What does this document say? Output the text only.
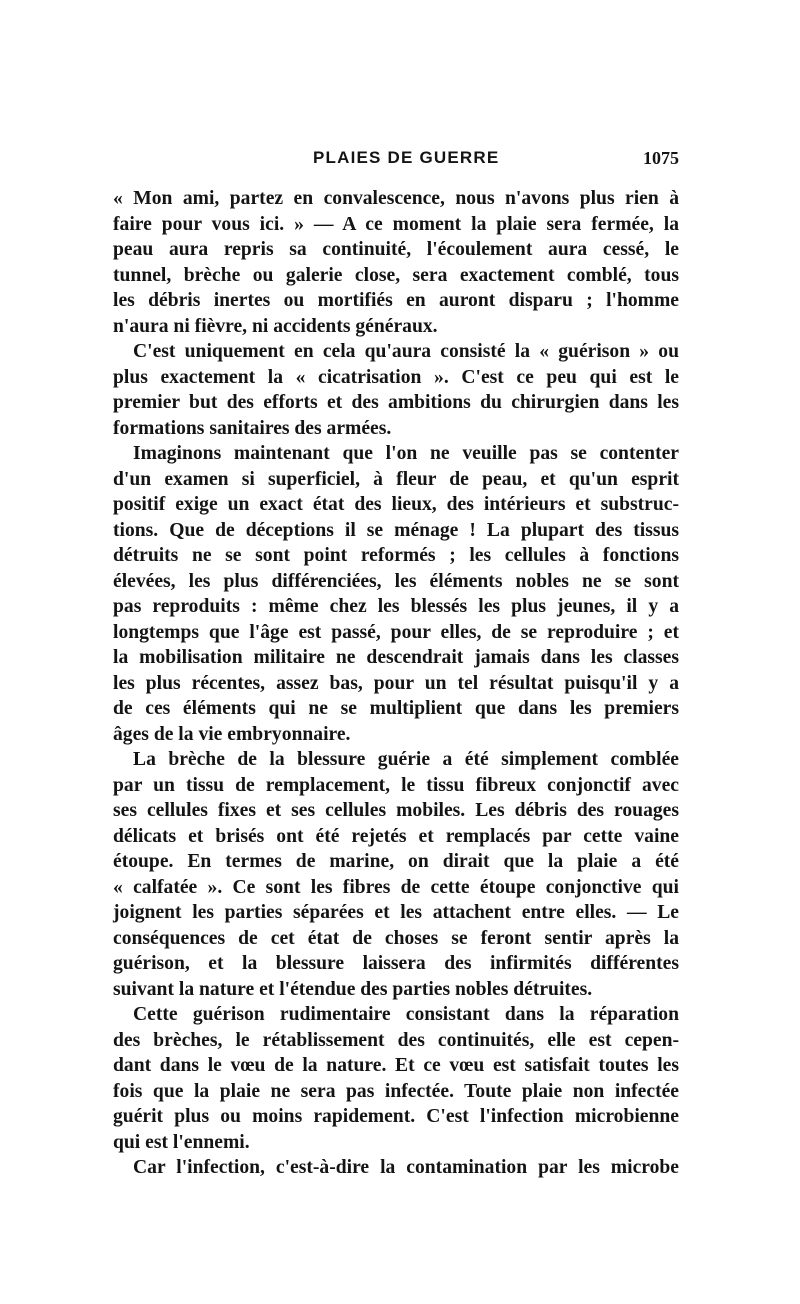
PLAIES DE GUERRE	1075
« Mon ami, partez en convalescence, nous n'avons plus rien à
faire pour vous ici. » — A ce moment la plaie sera fermée, la
peau aura repris sa continuité, l'écoulement aura cessé, le
tunnel, brèche ou galerie close, sera exactement comblé, tous
les débris inertes ou mortifiés en auront disparu ; l'homme
n'aura ni fièvre, ni accidents généraux.
C'est uniquement en cela qu'aura consisté la « guérison » ou
plus exactement la « cicatrisation ». C'est ce peu qui est le
premier but des efforts et des ambitions du chirurgien dans les
formations sanitaires des armées.
Imaginons maintenant que l'on ne veuille pas se contenter
d'un examen si superficiel, à fleur de peau, et qu'un esprit
positif exige un exact état des lieux, des intérieurs et substruc-
tions. Que de déceptions il se ménage ! La plupart des tissus
détruits ne se sont point reformés ; les cellules à fonctions
élevées, les plus différenciées, les éléments nobles ne se sont
pas reproduits : même chez les blessés les plus jeunes, il y a
longtemps que l'âge est passé, pour elles, de se reproduire ; et
la mobilisation militaire ne descendrait jamais dans les classes
les plus récentes, assez bas, pour un tel résultat puisqu'il y a
de ces éléments qui ne se multiplient que dans les premiers
âges de la vie embryonnaire.
La brèche de la blessure guérie a été simplement comblée
par un tissu de remplacement, le tissu fibreux conjonctif avec
ses cellules fixes et ses cellules mobiles. Les débris des rouages
délicats et brisés ont été rejetés et remplacés par cette vaine
étoupe. En termes de marine, on dirait que la plaie a été
« calfatée ». Ce sont les fibres de cette étoupe conjonctive qui
joignent les parties séparées et les attachent entre elles. — Le
conséquences de cet état de choses se feront sentir après la
guérison, et la blessure laissera des infirmités différentes
suivant la nature et l'étendue des parties nobles détruites.
Cette guérison rudimentaire consistant dans la réparation
des brèches, le rétablissement des continuités, elle est cepen-
dant dans le vœu de la nature. Et ce vœu est satisfait toutes les
fois que la plaie ne sera pas infectée. Toute plaie non infectée
guérit plus ou moins rapidement. C'est l'infection microbienne
qui est l'ennemi.
Car l'infection, c'est-à-dire la contamination par les microbe
